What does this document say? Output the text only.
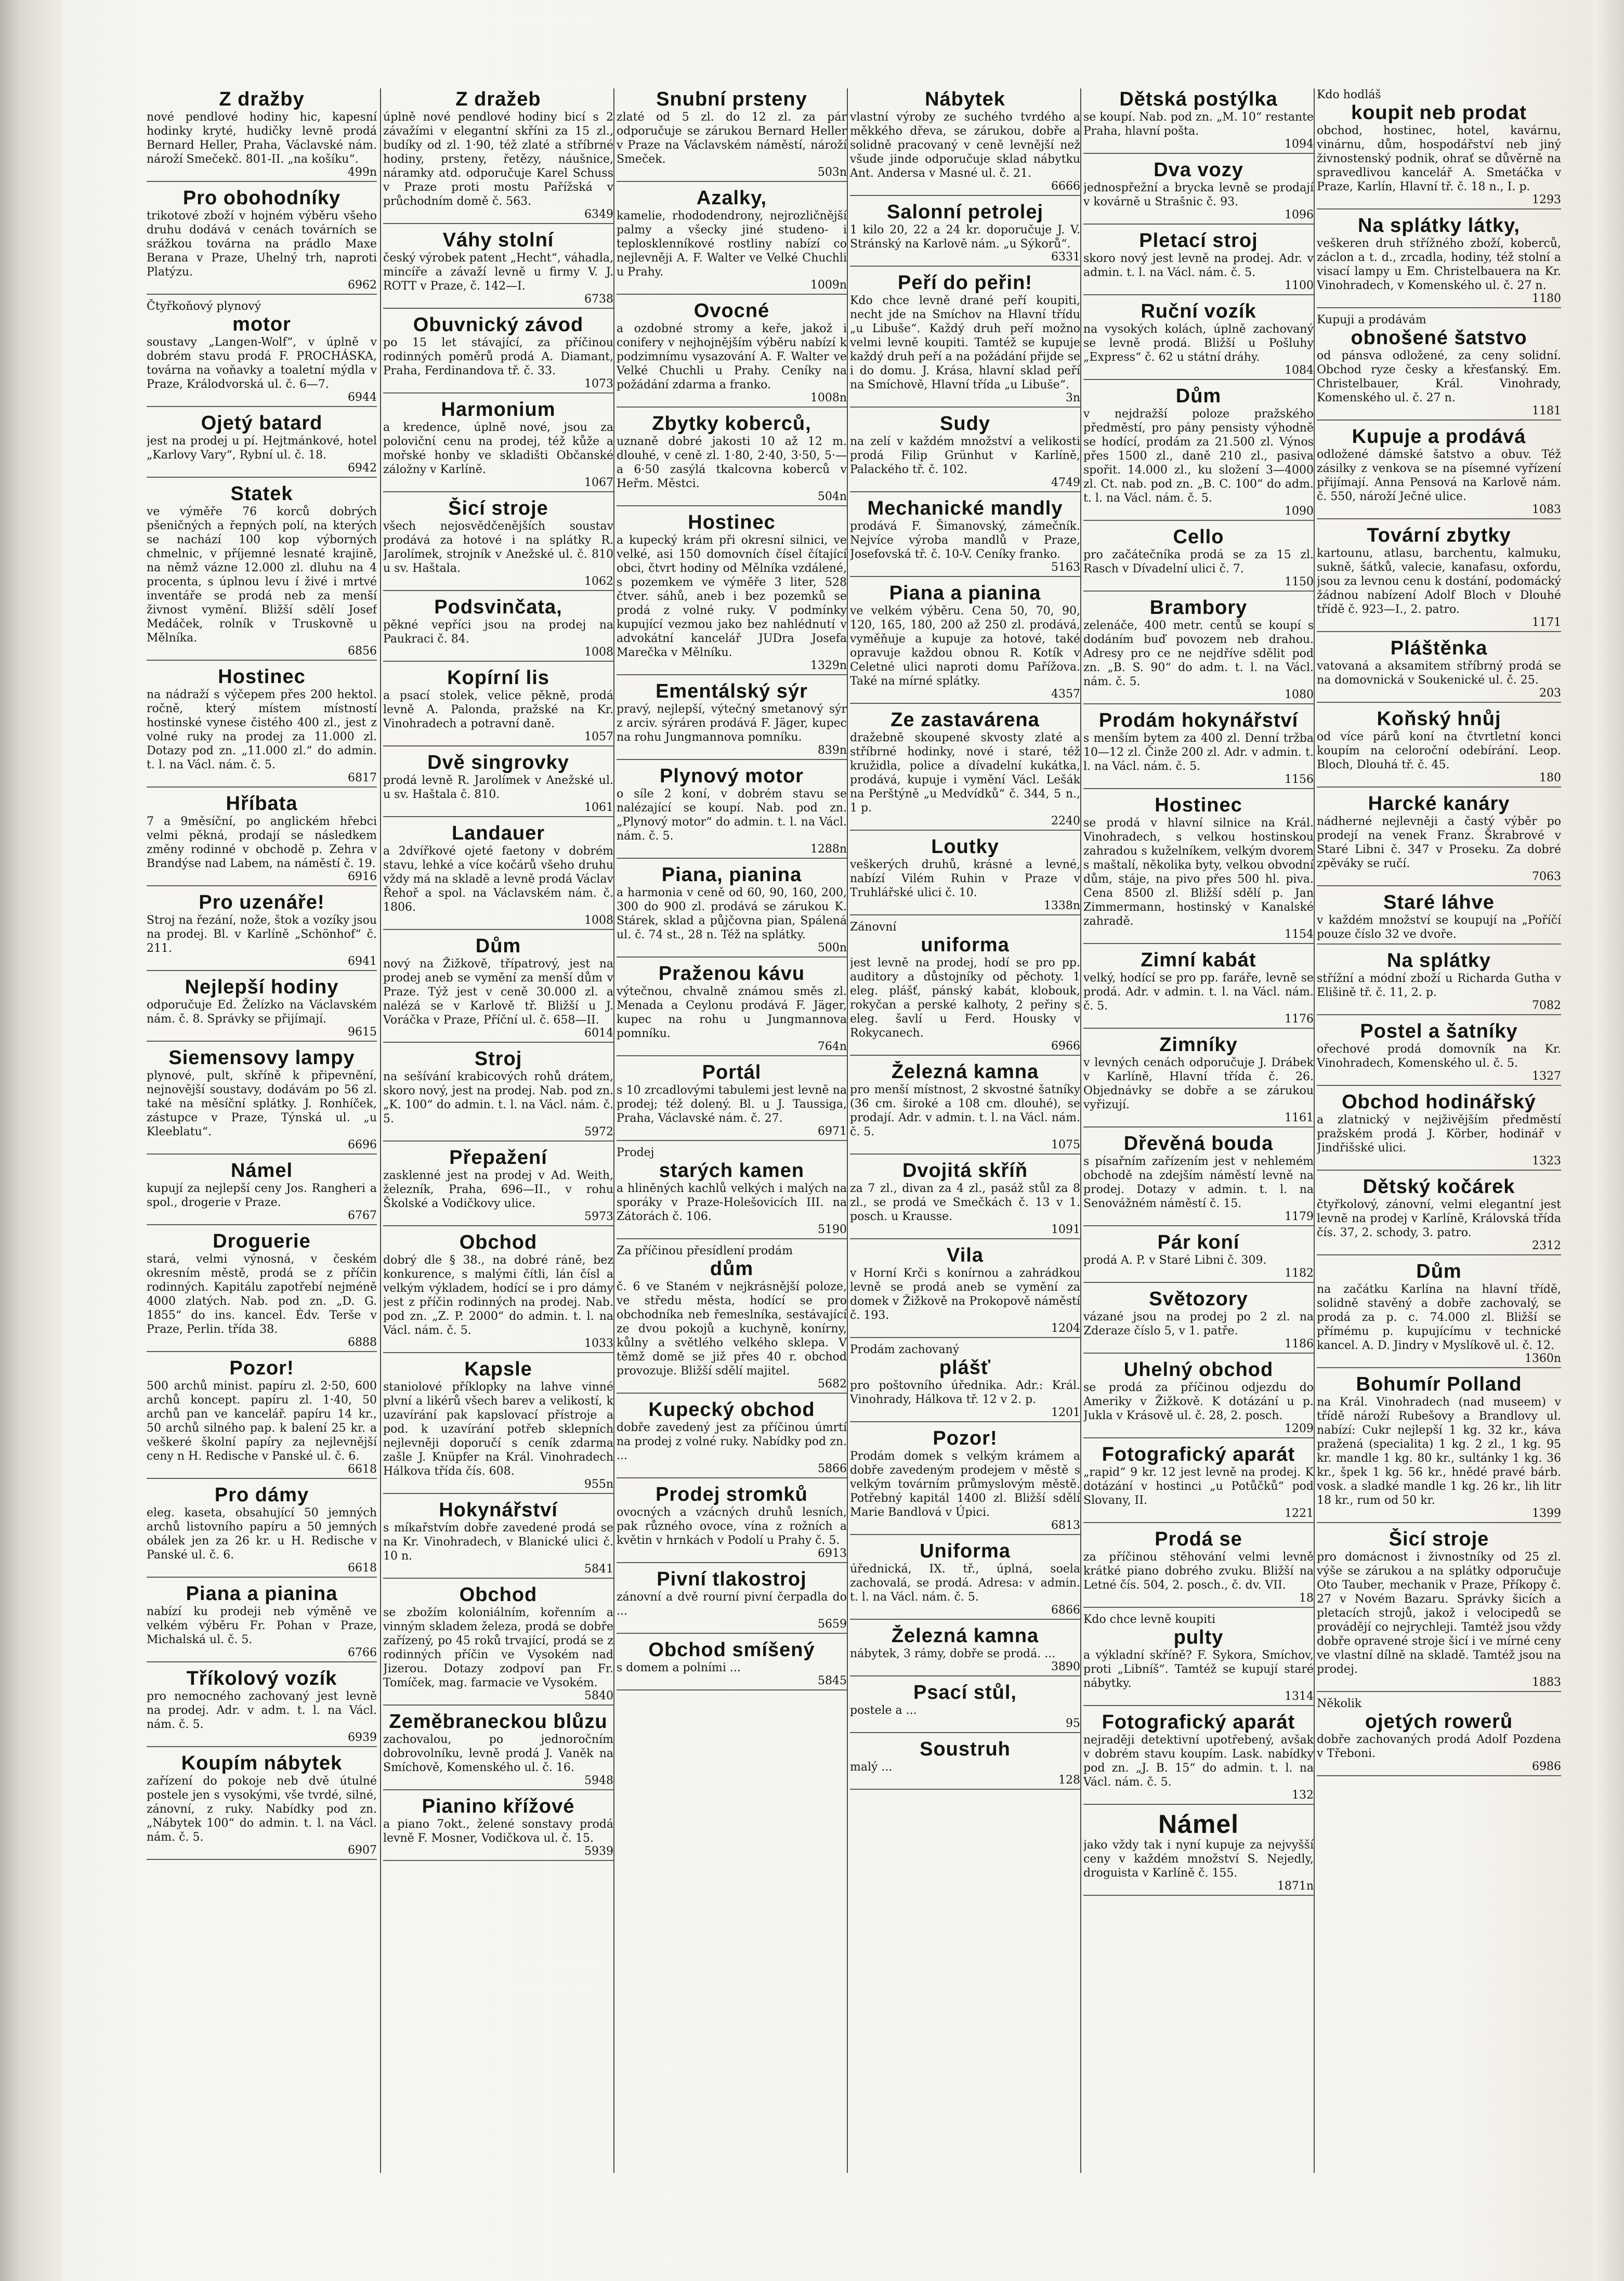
Z dražby

nové pendlové hodiny hic, kapesní hodinky kryté, hudičky levně prodá Bernard Heller, Praha, Václavské nám. nároží Smečekč. 801-II. „na košíku“.

499n

Pro obohodníky

trikotové zboží v hojném výběru všeho druhu dodává v cenách továrních se srážkou továrna na prádlo Maxe Berana v Praze, Uhelný trh, naproti Platýzu.

6962

Čtyřkoňový plynový

motor

soustavy „Langen-Wolf“, v úplně v dobrém stavu prodá F. PROCHÁSKA, továrna na voňavky a toaletní mýdla v Praze, Králodvorská ul. č. 6—7.

6944

Ojetý batard

jest na prodej u pí. Hejtmánkové, hotel „Karlovy Vary“, Rybní ul. č. 18.

6942

Statek

ve výměře 76 korců dobrých pšeničných a řepných polí, na kterých se nachází 100 kop výborných chmelnic, v příjemné lesnaté krajině, na němž vázne 12.000 zl. dluhu na 4 procenta, s úplnou levu í živé i mrtvé inventáře se prodá neb za menší živnost vymění. Bližší sdělí Josef Medáček, rolník v Truskovně u Mělníka.

6856

Hostinec

na nádraží s výčepem přes 200 hektol. ročně, který místem místností hostinské vynese čistého 400 zl., jest z volné ruky na prodej za 11.000 zl. Dotazy pod zn. „11.000 zl.“ do admin. t. l. na Václ. nám. č. 5.

6817

Hříbata

7 a 9měsíční, po anglickém hřebci velmi pěkná, prodají se následkem změny rodinné v obchodě p. Zehra v Brandýse nad Labem, na náměstí č. 19.

6916

Pro uzenáře!

Stroj na řezání, nože, štok a vozíky jsou na prodej. Bl. v Karlíně „Schönhof“ č. 211.

6941

Nejlepší hodiny

odporučuje Ed. Želízko na Václavském nám. č. 8. Správky se přijímají.

9615

Siemensovy lampy

plynové, pult, skříně k připevnění, nejnovější soustavy, dodávám po 56 zl. také na měsíční splátky. J. Ronhíček, zástupce v Praze, Týnská ul. „u Kleeblatu“.

6696

Námel

kupují za nejlepší ceny Jos. Rangheri a spol., drogerie v Praze.

6767

Droguerie

stará, velmi výnosná, v českém okresním městě, prodá se z příčin rodinných. Kapitálu zapotřebí nejméně 4000 zlatých. Nab. pod zn. „D. G. 1855“ do ins. kancel. Édv. Terše v Praze, Perlin. třída 38.

6888

Pozor!

500 archů minist. papíru zl. 2·50, 600 archů koncept. papíru zl. 1·40, 50 archů pan ve kancelář. papíru 14 kr., 50 archů silného pap. k balení 25 kr. a veškeré školní papíry za nejlevnější ceny n H. Redische v Panské ul. č. 6.

6618

Pro dámy

eleg. kaseta, obsahující 50 jemných archů listovního papíru a 50 jemných obálek jen za 26 kr. u H. Redische v Panské ul. č. 6.

6618

Piana a pianina

nabízí ku prodeji neb výměně ve velkém výběru Fr. Pohan v Praze, Michalská ul. č. 5.

6766

Tříkolový vozík

pro nemocného zachovaný jest levně na prodej. Adr. v adm. t. l. na Václ. nám. č. 5.

6939

Koupím nábytek

zařízení do pokoje neb dvě útulné postele jen s vysokými, vše tvrdé, silné, zánovní, z ruky. Nabídky pod zn. „Nábytek 100“ do admin. t. l. na Václ. nám. č. 5.

6907

Z dražeb

úplně nové pendlové hodiny bicí s 2 závažími v elegantní skříni za 15 zl., budíky od zl. 1·90, též zlaté a stříbrné hodiny, prsteny, řetězy, náušnice, náramky atd. odporučuje Karel Schuss v Praze proti mostu Pařížská v průchodním domě č. 563.

6349

Váhy stolní

český výrobek patent „Hecht“, váhadla, mincíře a závaží levně u firmy V. J. ROTT v Praze, č. 142—I.

6738

Obuvnický závod

po 15 let stávající, za příčinou rodinných poměrů prodá A. Diamant, Praha, Ferdinandova tř. č. 33.

1073

Harmonium

a kredence, úplně nové, jsou za polovičnί cenu na prodej, též kůže a mořské honby ve skladišti Občanské záložny v Karlíně.

1067

Šicí stroje

všech nejosvědčenějších soustav prodává za hotové i na splátky R. Jarolímek, strojník v Anežské ul. č. 810 u sv. Haštala.

1062

Podsvinčata,

pěkné vepříci jsou na prodej na Paukraci č. 84.

1008

Kopírní lis

a psací stolek, velice pěkně, prodá levně A. Palonda, pražské na Kr. Vinohradech a potravní daně.

1057

Dvě singrovky

prodá levně R. Jarolímek v Anežské ul. u sv. Haštala č. 810.

1061

Landauer

a 2dvířkové ojeté faetony v dobrém stavu, lehké a více kočárů všeho druhu vždy má na skladě a levně prodá Václav Řehoř a spol. na Václavském nám. č. 1806.

1008

Dům

nový na Žižkově, třípatrový, jest na prodej aneb se vymění za menší dům v Praze. Týž jest v ceně 30.000 zl. a nalézá se v Karlově tř. Bližší u J. Voráčka v Praze, Příční ul. č. 658—II.

6014

Stroj

na sešívání krabicových rohů drátem, skoro nový, jest na prodej. Nab. pod zn. „K. 100“ do admin. t. l. na Václ. nám. č. 5.

5972

Přepažení

zasklenné jest na prodej v Ad. Weith, železník, Praha, 696—II., v rohu Školské a Vodičkovy ulice.

5973

Obchod

dobrý dle § 38., na dobré ráně, bez konkurence, s malými čítli, lán čísl a velkým výkladem, hodící se i pro dámy jest z příčin rodinných na prodej. Nab. pod zn. „Z. P. 2000“ do admin. t. l. na Václ. nám. č. 5.

1033

Kapsle

staniolové příklopky na lahve vinné plvní a likérů všech barev a velikostí, k uzavírání pak kapslovací přístroje a pod. k uzavírání potřeb sklepních nejlevněji doporučí s ceník zdarma zašle J. Knüpfer na Král. Vinohradech Hálkova třída čís. 608.

955n

Hokynářství

s míkařstvím dobře zavedené prodá se na Kr. Vinohradech, v Blanické ulici č. 10 n.

5841

Obchod

se zbožím koloniálním, kořenním a vinným skladem železa, prodá se dobře zařízený, po 45 roků trvající, prodá se z rodinných příčin ve Vysokém nad Jizerou. Dotazy zodpoví pan Fr. Tomíček, mag. farmacie ve Vysokém.

5840

Zeměbraneckou blůzu

zachovalou, po jednoročním dobrovolníku, levně prodá J. Vaněk na Smíchově, Komenského ul. č. 16.

5948

Pianino křížové

a piano 7okt., želené sonstavy prodá levně F. Mosner, Vodičkova ul. č. 15.

5939

Snubní prsteny

zlaté od 5 zl. do 12 zl. za pár odporučuje se zárukou Bernard Heller v Praze na Václavském náměstí, nároží Smeček.

503n

Azalky,

kamelie, rhododendrony, nejrozličnější palmy a všecky jiné studeno- i teplosklenníkové rostliny nabízí co nejlevněji A. F. Walter ve Velké Chuchli u Prahy.

1009n

Ovocné

a ozdobné stromy a keře, jakož i conifery v nejhojnějším výběru nabízí k podzimnímu vysazování A. F. Walter ve Velké Chuchli u Prahy. Ceníky na požádání zdarma a franko.

1008n

Zbytky koberců,

uznaně dobré jakosti 10 až 12 m. dlouhé, v ceně zl. 1·80, 2·40, 3·50, 5·— a 6·50 zasýlá tkalcovna koberců v Heřm. Městci.

504n

Hostinec

a kupecký krám při okresní silnici, ve velké, asi 150 domovních čísel čítající obci, čtvrt hodiny od Mělníka vzdálené, s pozemkem ve výměře 3 liter, 528 čtver. sáhů, aneb i bez pozemků se prodá z volné ruky. V podmínky kupující vezmou jako bez nahlédnutí v advokátní kancelář JUDra Josefa Marečka v Mělníku.

1329n

Ementálský sýr

pravý, nejlepší, výtečný smetanový sýr z arciv. sýráren prodává F. Jäger, kupec na rohu Jungmannova pomníku.

839n

Plynový motor

o síle 2 koní, v dobrém stavu se nalézající se koupí. Nab. pod zn. „Plynový motor“ do admin. t. l. na Václ. nám. č. 5.

1288n

Piana, pianina

a harmonia v ceně od 60, 90, 160, 200, 300 do 900 zl. prodává se zárukou K. Stárek, sklad a půjčovna pian, Spálená ul. č. 74 st., 28 n. Též na splátky.

500n

Praženou kávu

výtečnou, chvalně známou směs zl. Menada a Ceylonu prodává F. Jäger, kupec na rohu u Jungmannova pomníku.

764n

Portál

s 10 zrcadlovými tabulemi jest levně na prodej; též dolený. Bl. u J. Taussiga, Praha, Václavské nám. č. 27.

6971

Prodej

starých kamen

a hliněných kachlů velkých i malých na sporáky v Praze-Holešovicích III. na Zátorách č. 106.

5190

Za příčinou přesídlení prodám

dům

č. 6 ve Staném v nejkrásnější poloze, ve středu města, hodící se pro obchodníka neb řemeslníka, sestávající ze dvou pokojů a kuchyně, konírny, kůlny a světlého velkého sklepa. V těmž domě se již přes 40 r. obchod provozuje. Bližší sdělí majitel.

5682

Kupecký obchod

dobře zavedený jest za příčinou úmrtí na prodej z volné ruky. Nabídky pod zn. ...

5866

Prodej stromků

ovocných a vzácných druhů lesních, pak různého ovoce, vína z rožních a květin v hrnkách v Podolí u Prahy č. 5.

6913

Pivní tlakostroj

zánovní a dvě rourní pivní čerpadla do ...

5659

Obchod smíšený

s domem a polními ...

5845

Nábytek

vlastní výroby ze suchého tvrdého a měkkého dřeva, se zárukou, dobře a solidně pracovaný v ceně levnější než všude jinde odporučuje sklad nábytku Ant. Andersa v Masné ul. č. 21.

6666

Salonní petrolej

1 kilo 20, 22 a 24 kr. doporučuje J. V. Stránský na Karlově nám. „u Sýkorů“.

6331

Peří do peřin!

Kdo chce levně drané peří koupiti, necht jde na Smíchov na Hlavní třídu „u Libuše“. Každý druh peří možno velmi levně koupiti. Tamtéž se kupuje každý druh peří a na požádání přijde se i do domu. J. Krása, hlavní sklad peří na Smíchově, Hlavní třída „u Libuše“.

3n

Sudy

na zelí v každém množství a velikosti prodá Filip Grünhut v Karlíně, Palackého tř. č. 102.

4749

Mechanické mandly

prodává F. Šimanovský, zámečník. Nejvíce výroba mandlů v Praze, Josefovská tř. č. 10-V. Ceníky franko.

5163

Piana a pianina

ve velkém výběru. Cena 50, 70, 90, 120, 165, 180, 200 až 250 zl. prodává, vyměňuje a kupuje za hotové, také opravuje každou obnou R. Kotík v Celetné ulici naproti domu Pařížova. Také na mírné splátky.

4357

Ze zastavárena

dražebně skoupené skvosty zlaté a stříbrné hodinky, nové i staré, též kružidla, police a dívadelní kukátka, prodává, kupuje i vymění Václ. Lešák na Perštýně „u Medvídků“ č. 344, 5 n., 1 p.

2240

Loutky

veškerých druhů, krásné a levné, nabízí Vilém Ruhin v Praze v Truhlářské ulici č. 10.

1338n

Zánovní

uniforma

jest levně na prodej, hodí se pro pp. auditory a důstojníky od pěchoty. 1 eleg. plášť, pánský kabát, klobouk, rokyčan a perské kalhoty, 2 peřiny s eleg. šavlí u Ferd. Housky v Rokycanech.

6966

Železná kamna

pro menší místnost, 2 skvostné šatníky (36 cm. široké a 108 cm. dlouhé), se prodají. Adr. v admin. t. l. na Václ. nám. č. 5.

1075

Dvojitá skříň

za 7 zl., divan za 4 zl., pasáž stůl za 8 zl., se prodá ve Smečkách č. 13 v 1. posch. u Krausse.

1091

Vila

v Horní Krči s konírnou a zahrádkou levně se prodá aneb se vymění za domek v Žižkově na Prokopově náměstí č. 193.

1204

Prodám zachovaný

plášť

pro poštovního úřednika. Adr.: Král. Vinohrady, Hálkova tř. 12 v 2. p.

1201

Pozor!

Prodám domek s velkým krámem a dobře zavedeným prodejem v městě s velkým továrním průmyslovým městě. Potřebný kapitál 1400 zl. Bližší sdělí Marie Bandlová v Úpici.

6813

Uniforma

úřednická, IX. tř., úplná, soela zachovalá, se prodá. Adresa: v admin. t. l. na Václ. nám. č. 5.

6866

Železná kamna

nábytek, 3 rámy, dobře se prodá. ...

3890

Psací stůl,

postele a ...

95

Soustruh

malý ...

128

Dětská postýlka

se koupí. Nab. pod zn. „M. 10“ restante Praha, hlavní pošta.

1094

Dva vozy

jednospřežní a brycka levně se prodají v kovárně u Strašnic č. 93.

1096

Pletací stroj

skoro nový jest levně na prodej. Adr. v admin. t. l. na Václ. nám. č. 5.

1100

Ruční vozík

na vysokých kolách, úplně zachovaný se levně prodá. Bližší u Pošluhy „Express“ č. 62 u státní dráhy.

1084

Dům

v nejdražší poloze pražského předměstí, pro pány pensisty výhodně se hodící, prodám za 21.500 zl. Výnos přes 1500 zl., daně 210 zl., pasiva spořit. 14.000 zl., ku složení 3—4000 zl. Ct. nab. pod zn. „B. C. 100“ do adm. t. l. na Václ. nám. č. 5.

1090

Cello

pro začátečníka prodá se za 15 zl. Rasch v Dívadelní ulici č. 7.

1150

Brambory

zelenáče, 400 metr. centů se koupí s dodáním buď povozem neb drahou. Adresy pro ce ne nejdříve sdělit pod zn. „B. S. 90“ do adm. t. l. na Václ. nám. č. 5.

1080

Prodám hokynářství

s menším bytem za 400 zl. Denní tržba 10—12 zl. Činže 200 zl. Adr. v admin. t. l. na Václ. nám. č. 5.

1156

Hostinec

se prodá v hlavní silnice na Král. Vinohradech, s velkou hostinskou zahradou s kuželníkem, velkým dvorem s maštalí, několika byty, velkou obvodní dům, stáje, na pivo přes 500 hl. piva. Cena 8500 zl. Bližší sdělí p. Jan Zimmermann, hostinský v Kanalské zahradě.

1154

Zimní kabát

velký, hodící se pro pp. faráře, levně se prodá. Adr. v admin. t. l. na Václ. nám. č. 5.

1176

Zimníky

v levných cenách odporučuje J. Drábek v Karlíně, Hlavní třída č. 26. Objednávky se dobře a se zárukou vyřizují.

1161

Dřevěná bouda

s písařním zařízením jest v nehlemém obchodě na zdejším náměstí levně na prodej. Dotazy v admin. t. l. na Senovážném náměstí č. 15.

1179

Pár koní

prodá A. P. v Staré Libni č. 309.

1182

Světozory

vázané jsou na prodej po 2 zl. na Zderaze číslo 5, v 1. patře.

1186

Uhelný obchod

se prodá za příčinou odjezdu do Ameriky v Žižkově. K dotázání u p. Jukla v Krásově ul. č. 28, 2. posch.

1209

Fotografický aparát

„rapid“ 9 kr. 12 jest levně na prodej. K dotázání v hostinci „u Potůčků“ pod Slovany, II.

1221

Prodá se

za příčinou stěhování velmi levně krátké piano dobrého zvuku. Bližší na Letné čís. 504, 2. posch., č. dv. VII.

18

Kdo chce levně koupiti

pulty

a výkladní skříně? F. Sykora, Smíchov, proti „Libníš“. Tamtéž se kupují staré nábytky.

1314

Fotografický aparát

nejraději detektivní upotřebený, avšak v dobrém stavu koupím. Lask. nabídky pod zn. „J. B. 15“ do admin. t. l. na Václ. nám. č. 5.

132

Námel

jako vždy tak i nyní kupuje za nejvyšší ceny v každém množství S. Nejedly, droguista v Karlíně č. 155.

1871n

Kdo hodláš

koupit neb prodat

obchod, hostinec, hotel, kavárnu, vinárnu, dům, hospodářství neb jiný živnostenský podnik, ohrať se důvěrně na spravedlivou kancelář A. Smetáčka v Praze, Karlín, Hlavní tř. č. 18 n., I. p.

1293

Na splátky látky,

veškeren druh střížného zboží, koberců, záclon a t. d., zrcadla, hodiny, též stolní a visací lampy u Em. Christelbauera na Kr. Vinohradech, v Komenského ul. č. 27 n.

1180

Kupuji a prodávám

obnošené šatstvo

od pánsva odložené, za ceny solidní. Obchod ryze česky a křesťanský. Em. Christelbauer, Král. Vinohrady, Komenského ul. č. 27 n.

1181

Kupuje a prodává

odložené dámské šatstvo a obuv. Též zásilky z venkova se na písemné vyřízení přijímají. Anna Pensová na Karlově nám. č. 550, nároží Ječné ulice.

1083

Tovární zbytky

kartounu, atlasu, barchentu, kalmuku, sukně, šátků, valecie, kanafasu, oxfordu, jsou za levnou cenu k dostání, podomácký žádnou nabízení Adolf Bloch v Dlouhé třídě č. 923—I., 2. patro.

1171

Pláštěnka

vatovaná a aksamitem stříbrný prodá se na domovnická v Soukenické ul. č. 25.

203

Koňský hnůj

od více párů koní na čtvrtletní konci koupím na celoroční odebírání. Leop. Bloch, Dlouhá tř. č. 45.

180

Harcké kanáry

nádherné nejlevněji a častý výběr po prodejí na venek Franz. Škrabrové v Staré Libni č. 347 v Proseku. Za dobré zpěváky se ručí.

7063

Staré láhve

v každém množství se koupují na „Poříčí pouze číslo 32 ve dvoře.

Na splátky

střížní a módní zboží u Richarda Gutha v Elišině tř. č. 11, 2. p.

7082

Postel a šatníky

ořechové prodá domovník na Kr. Vinohradech, Komenského ul. č. 5.

1327

Obchod hodinářský

a zlatnický v nejživějším předměstí pražském prodá J. Körber, hodinář v Jindřišské ulici.

1323

Dětský kočárek

čtyřkolový, zánovní, velmi elegantní jest levně na prodej v Karlíně, Královská třída čís. 37, 2. schody, 3. patro.

2312

Dům

na začátku Karlína na hlavní třídě, solidně stavěný a dobře zachovalý, se prodá za p. c. 74.000 zl. Bližší se přímému p. kupujícímu v technické kancel. A. D. Jindry v Myslíkově ul. č. 12.

1360n

Bohumír Polland

na Král. Vinohradech (nad museem) v třídě nároží Rubešovy a Brandlovy ul. nabízí: Cukr nejlepší 1 kg. 32 kr., káva pražená (specialita) 1 kg. 2 zl., 1 kg. 95 kr. mandle 1 kg. 80 kr., sultánky 1 kg. 36 kr., špek 1 kg. 56 kr., hnědé pravé bárb. vosk. a sladké mandle 1 kg. 26 kr., lih litr 18 kr., rum od 50 kr.

1399

Šicí stroje

pro domácnost i živnostníky od 25 zl. výše se zárukou a na splátky odporučuje Oto Tauber, mechanik v Praze, Příkopy č. 27 v Novém Bazaru. Správky šicích a pletacích strojů, jakož i velocipedů se provádějí co nejrychleji. Tamtéž jsou vždy dobře opravené stroje šicí i ve mírné ceny ve vlastní dílně na skladě. Tamtéž jsou na prodej.

1883

Několik

ojetých rowerů

dobře zachovaných prodá Adolf Pozdena v Třeboni.

6986
